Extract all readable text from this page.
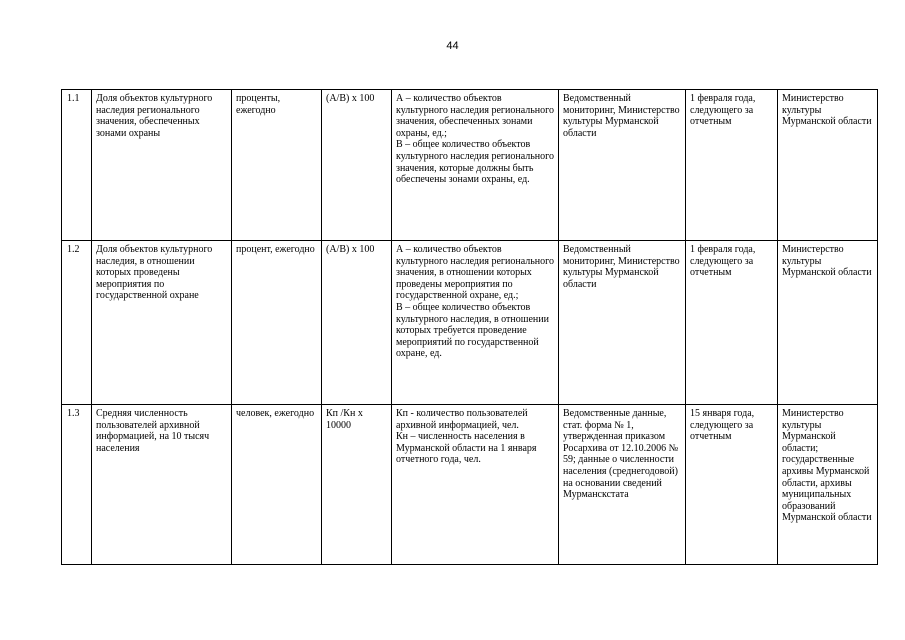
44
1.1	Доля объектов культурного наследия регионального значения, обеспеченных зонами охраны	проценты, ежегодно	(А/В) х 100	А – количество объектов культурного наследия регионального значения, обеспеченных зонами охраны, ед.;
В – общее количество объектов культурного наследия регионального значения, которые должны быть обеспечены зонами охраны, ед.	Ведомственный мониторинг, Министерство культуры Мурманской области	1 февраля года, следующего за отчетным	Министерство культуры Мурманской области
1.2	Доля объектов культурного наследия, в отношении которых проведены мероприятия по государственной охране	процент, ежегодно	(А/В) х 100	А – количество объектов культурного наследия регионального значения, в отношении которых проведены мероприятия по государственной охране, ед.;
В – общее количество объектов культурного наследия, в отношении которых требуется проведение мероприятий по государственной охране, ед.	Ведомственный мониторинг, Министерство культуры Мурманской области	1 февраля года, следующего за отчетным	Министерство культуры Мурманской области
1.3	Средняя численность пользователей архивной информацией, на 10 тысяч населения	человек, ежегодно	Кп /Кн х 10000	Кп - количество пользователей архивной информацией, чел.
Кн – численность населения в Мурманской области на 1 января отчетного года, чел.	Ведомственные данные, стат. форма № 1, утвержденная приказом Росархива от 12.10.2006 № 59; данные о численности населения (среднегодовой) на основании сведений Мурманскстата	15 января года, следующего за отчетным	Министерство культуры Мурманской области; государственные архивы Мурманской области, архивы муниципальных образований Мурманской области
